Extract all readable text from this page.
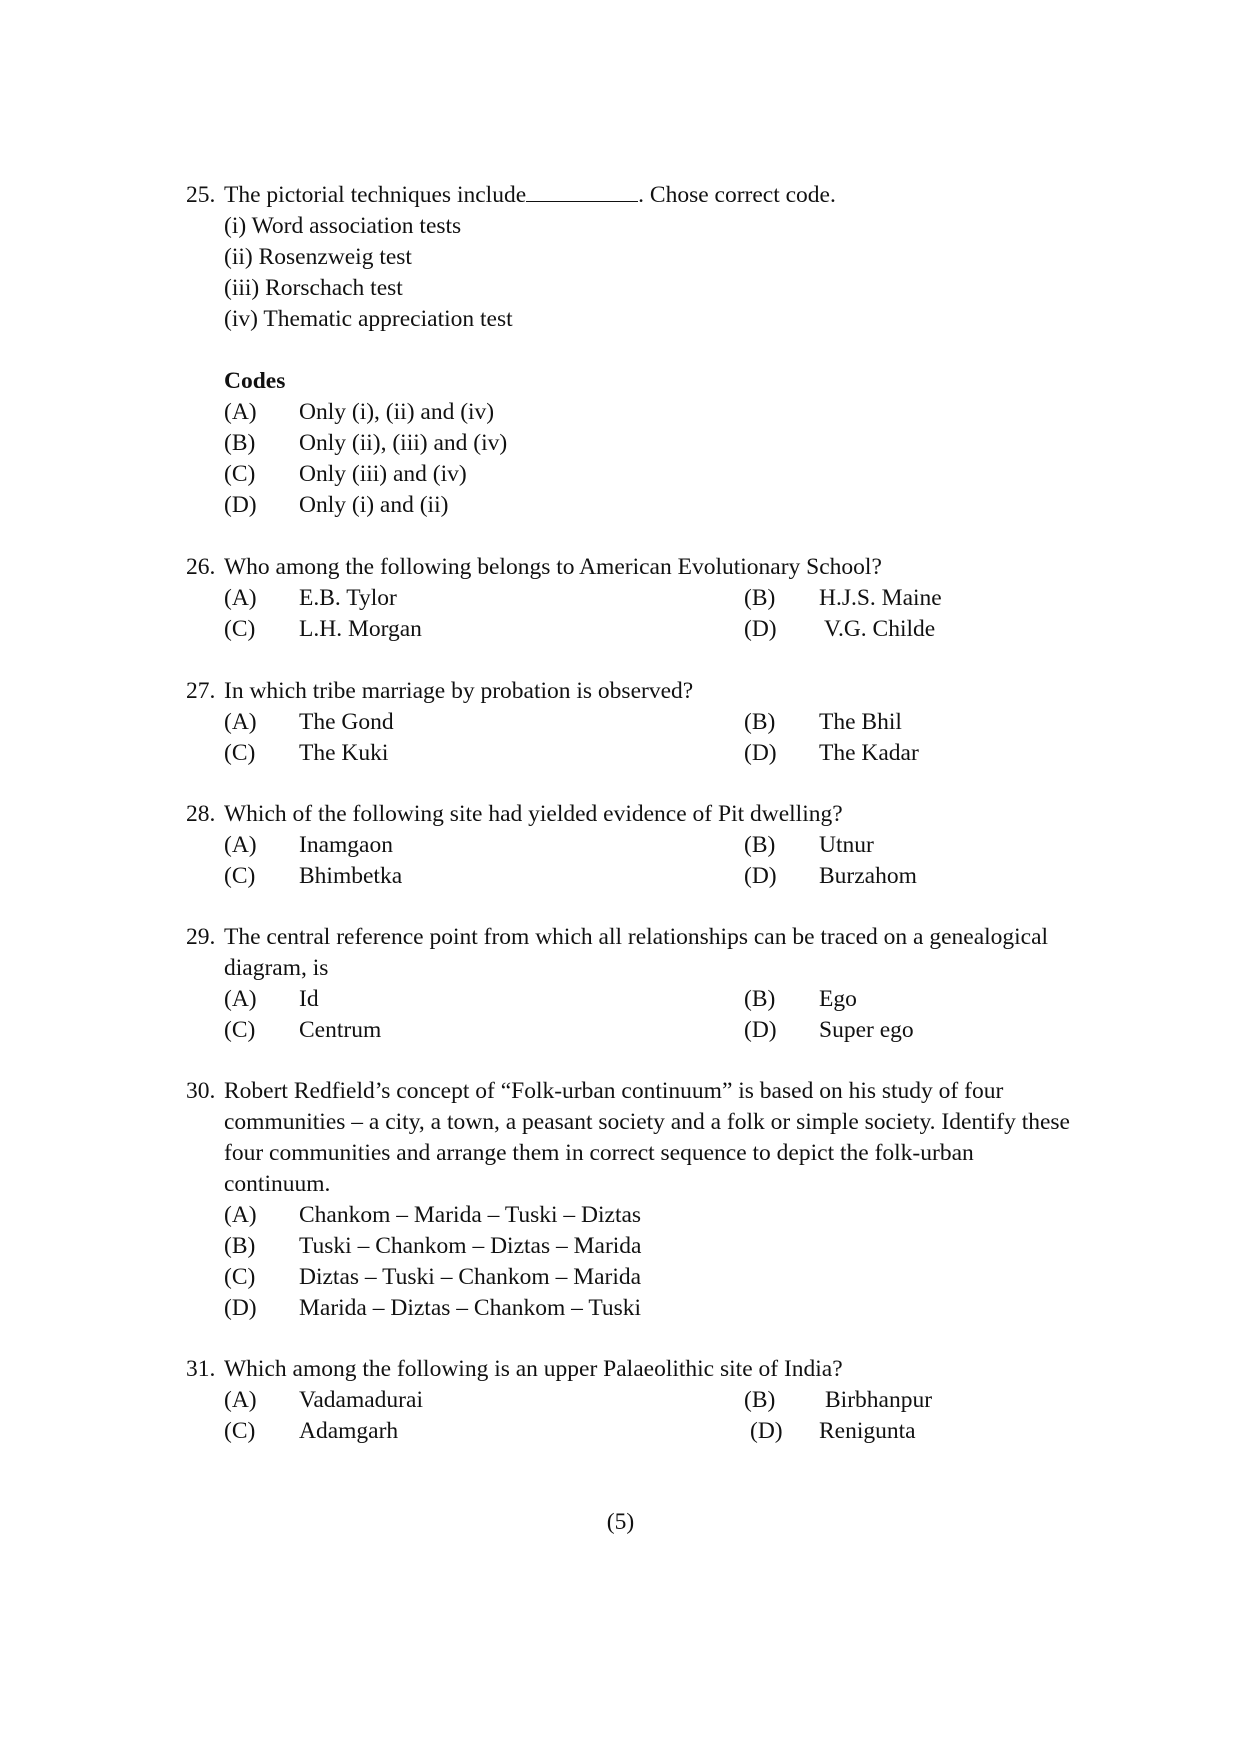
25. The pictorial techniques include	. Chose correct code.
(i) Word association tests
(ii) Rosenzweig test
(iii) Rorschach test
(iv) Thematic appreciation test
Codes
(A)	Only (i), (ii) and (iv)
(B)	Only (ii), (iii) and (iv)
(C)	Only (iii) and (iv)
(D)	Only (i) and (ii)
26. Who among the following belongs to American Evolutionary School?
(A)	E.B. Tylor	(B)	H.J.S. Maine
(C)	L.H. Morgan	(D)	V.G. Childe
27. In which tribe marriage by probation is observed?
(A)	The Gond	(B)	The Bhil
(C)	The Kuki	(D)	The Kadar
28. Which of the following site had yielded evidence of Pit dwelling?
(A)	Inamgaon	(B)	Utnur
(C)	Bhimbetka	(D)	Burzahom
29. The central reference point from which all relationships can be traced on a genealogical diagram, is
(A)	Id	(B)	Ego
(C)	Centrum	(D)	Super ego
30. Robert Redfield’s concept of “Folk-urban continuum” is based on his study of four communities – a city, a town, a peasant society and a folk or simple society. Identify these four communities and arrange them in correct sequence to depict the folk-urban continuum.
(A)	Chankom – Marida – Tuski – Diztas
(B)	Tuski – Chankom – Diztas – Marida
(C)	Diztas – Tuski – Chankom – Marida
(D)	Marida – Diztas – Chankom – Tuski
31. Which among the following is an upper Palaeolithic site of India?
(A)	Vadamadurai	(B)	Birbhanpur
(C)	Adamgarh	(D)	Renigunta
(5)
